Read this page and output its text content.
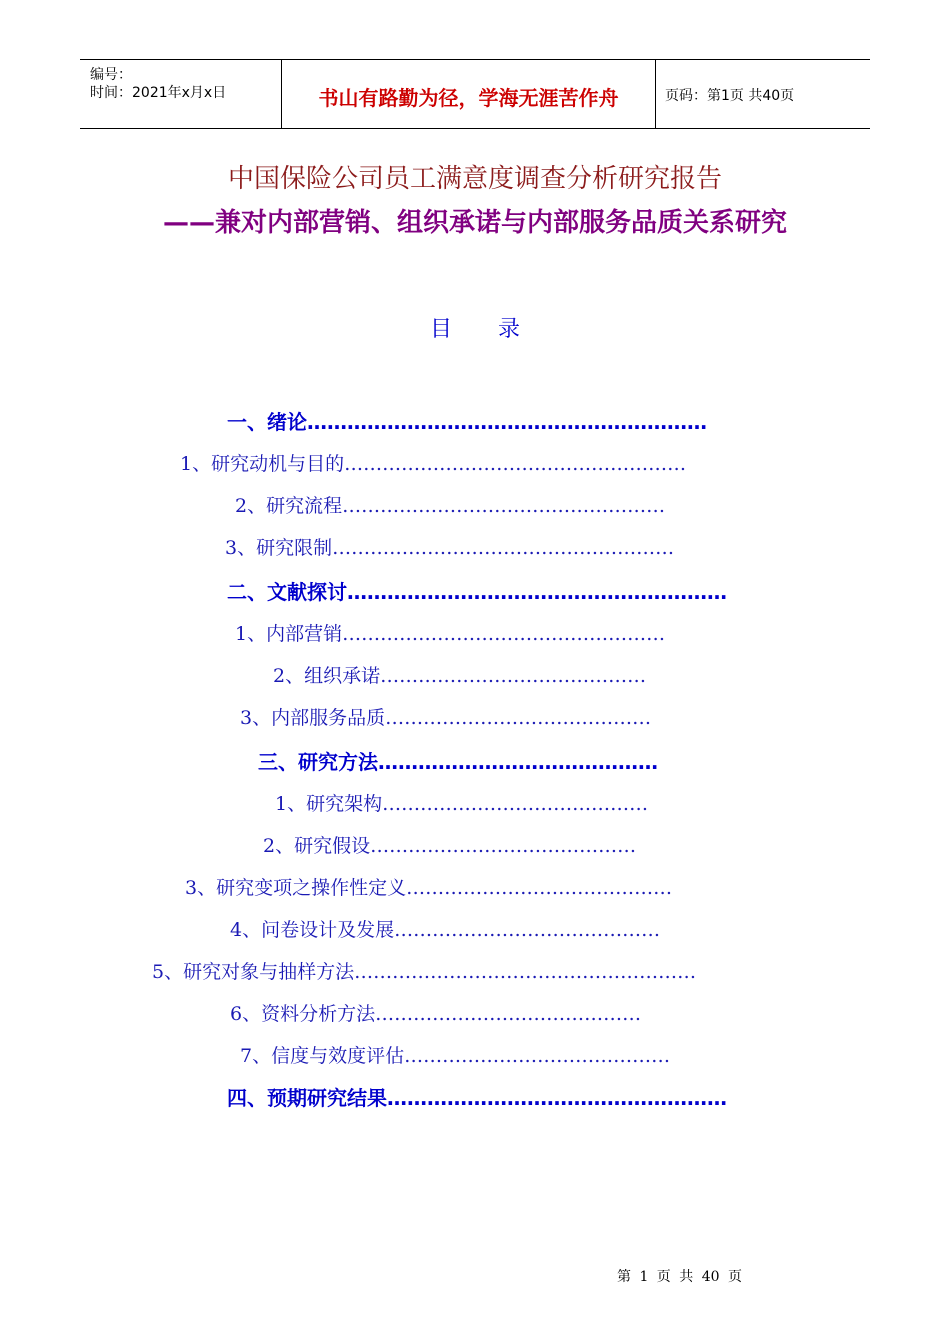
编号：
时间：2021年x月x日	书山有路勤为径，学海无涯苦作舟	页码：第1页 共40页
中国保险公司员工满意度调查分析研究报告
——兼对内部营销、组织承诺与内部服务品质关系研究
目录
一、绪论……………………………………………………
1、研究动机与目的………………………………………………
2、研究流程……………………………………………
3、研究限制………………………………………………
二、文献探讨…………………………………………………
1、内部营销……………………………………………
2、组织承诺……………………………………
3、内部服务品质……………………………………
三、研究方法……………………………………
1、研究架构……………………………………
2、研究假设……………………………………
3、研究变项之操作性定义……………………………………
4、问卷设计及发展……………………………………
5、研究对象与抽样方法………………………………………………
6、资料分析方法……………………………………
7、信度与效度评估……………………………………
四、预期研究结果……………………………………………
第 1 页 共 40 页
